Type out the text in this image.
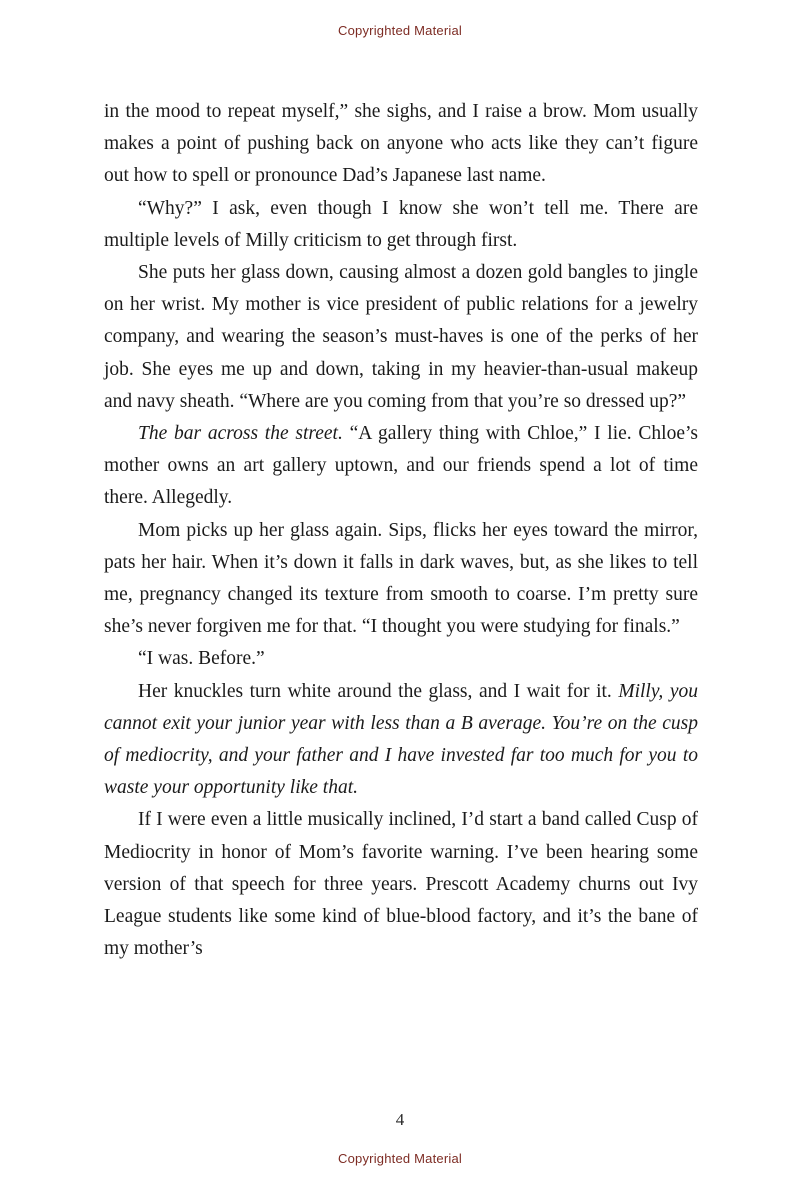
Copyrighted Material

in the mood to repeat myself,” she sighs, and I raise a brow. Mom usually makes a point of pushing back on anyone who acts like they can’t figure out how to spell or pronounce Dad’s Japanese last name.

“Why?” I ask, even though I know she won’t tell me. There are multiple levels of Milly criticism to get through first.

She puts her glass down, causing almost a dozen gold bangles to jingle on her wrist. My mother is vice president of public relations for a jewelry company, and wearing the season’s must-haves is one of the perks of her job. She eyes me up and down, taking in my heavier-than-usual makeup and navy sheath. “Where are you coming from that you’re so dressed up?”

The bar across the street. “A gallery thing with Chloe,” I lie. Chloe’s mother owns an art gallery uptown, and our friends spend a lot of time there. Allegedly.

Mom picks up her glass again. Sips, flicks her eyes toward the mirror, pats her hair. When it’s down it falls in dark waves, but, as she likes to tell me, pregnancy changed its texture from smooth to coarse. I’m pretty sure she’s never forgiven me for that. “I thought you were studying for finals.”

“I was. Before.”

Her knuckles turn white around the glass, and I wait for it. Milly, you cannot exit your junior year with less than a B average. You’re on the cusp of mediocrity, and your father and I have invested far too much for you to waste your opportunity like that.

If I were even a little musically inclined, I’d start a band called Cusp of Mediocrity in honor of Mom’s favorite warning. I’ve been hearing some version of that speech for three years. Prescott Academy churns out Ivy League students like some kind of blue-blood factory, and it’s the bane of my mother’s

4
Copyrighted Material
